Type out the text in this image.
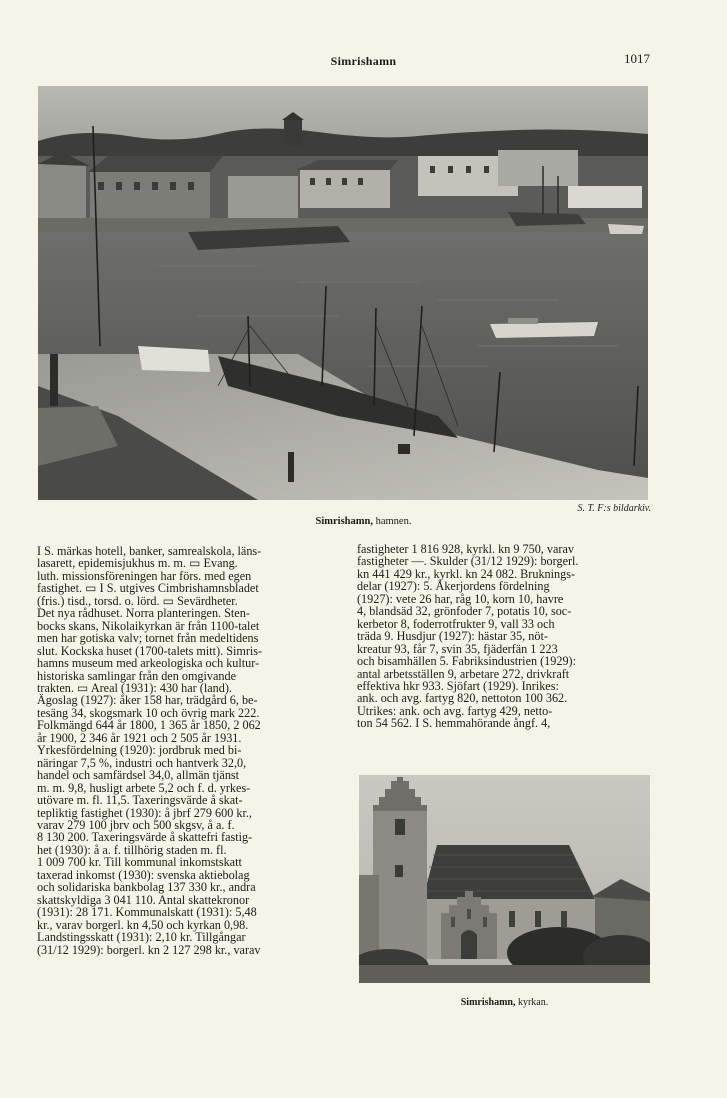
Simrishamn	1017
S. T. F:s bildarkiv.
Simrishamn, hamnen.
I S. märkas hotell, banker, samrealskola, läns-
lasarett, epidemisjukhus m. m. ▭ Evang.
luth. missionsföreningen har förs. med egen
fastighet. ▭ I S. utgives Cimbrishamnsbladet
(fris.) tisd., torsd. o. lörd. ▭ Sevärdheter.
Det nya rådhuset. Norra planteringen. Sten-
bocks skans, Nikolaikyrkan är från 1100-talet
men har gotiska valv; tornet från medeltidens
slut. Kockska huset (1700-talets mitt). Simris-
hamns museum med arkeologiska och kultur-
historiska samlingar från den omgivande
trakten. ▭ Areal (1931): 430 har (land).
Ägoslag (1927): åker 158 har, trädgård 6, be-
tesäng 34, skogsmark 10 och övrig mark 222.
Folkmängd 644 år 1800, 1 365 år 1850, 2 062
år 1900, 2 346 år 1921 och 2 505 år 1931.
Yrkesfördelning (1920): jordbruk med bi-
näringar 7,5 %, industri och hantverk 32,0,
handel och samfärdsel 34,0, allmän tjänst
m. m. 9,8, husligt arbete 5,2 och f. d. yrkes-
utövare m. fl. 11,5. Taxeringsvärde å skat-
tepliktig fastighet (1930): å jbrf 279 600 kr.,
varav 279 100 jbrv och 500 skgsv, å a. f.
8 130 200. Taxeringsvärde å skattefri fastig-
het (1930): å a. f. tillhörig staden m. fl.
1 009 700 kr. Till kommunal inkomstskatt
taxerad inkomst (1930): svenska aktiebolag
och solidariska bankbolag 137 330 kr., andra
skattskyldiga 3 041 110. Antal skattekronor
(1931): 28 171. Kommunalskatt (1931): 5,48
kr., varav borgerl. kn 4,50 och kyrkan 0,98.
Landstingsskatt (1931): 2,10 kr. Tillgångar
(31/12 1929): borgerl. kn 2 127 298 kr., varav
fastigheter 1 816 928, kyrkl. kn 9 750, varav
fastigheter —. Skulder (31/12 1929): borgerl.
kn 441 429 kr., kyrkl. kn 24 082. Bruknings-
delar (1927): 5. Åkerjordens fördelning
(1927): vete 26 har, råg 10, korn 10, havre
4, blandsäd 32, grönfoder 7, potatis 10, soc-
kerbetor 8, foderrotfrukter 9, vall 33 och
träda 9. Husdjur (1927): hästar 35, nöt-
kreatur 93, får 7, svin 35, fjäderfän 1 223
och bisamhällen 5. Fabriksindustrien (1929):
antal arbetsställen 9, arbetare 272, drivkraft
effektiva hkr 933. Sjöfart (1929). Inrikes:
ank. och avg. fartyg 820, nettoton 100 362.
Utrikes: ank. och avg. fartyg 429, netto-
ton 54 562. I S. hemmahörande ångf. 4,
Simrishamn, kyrkan.
